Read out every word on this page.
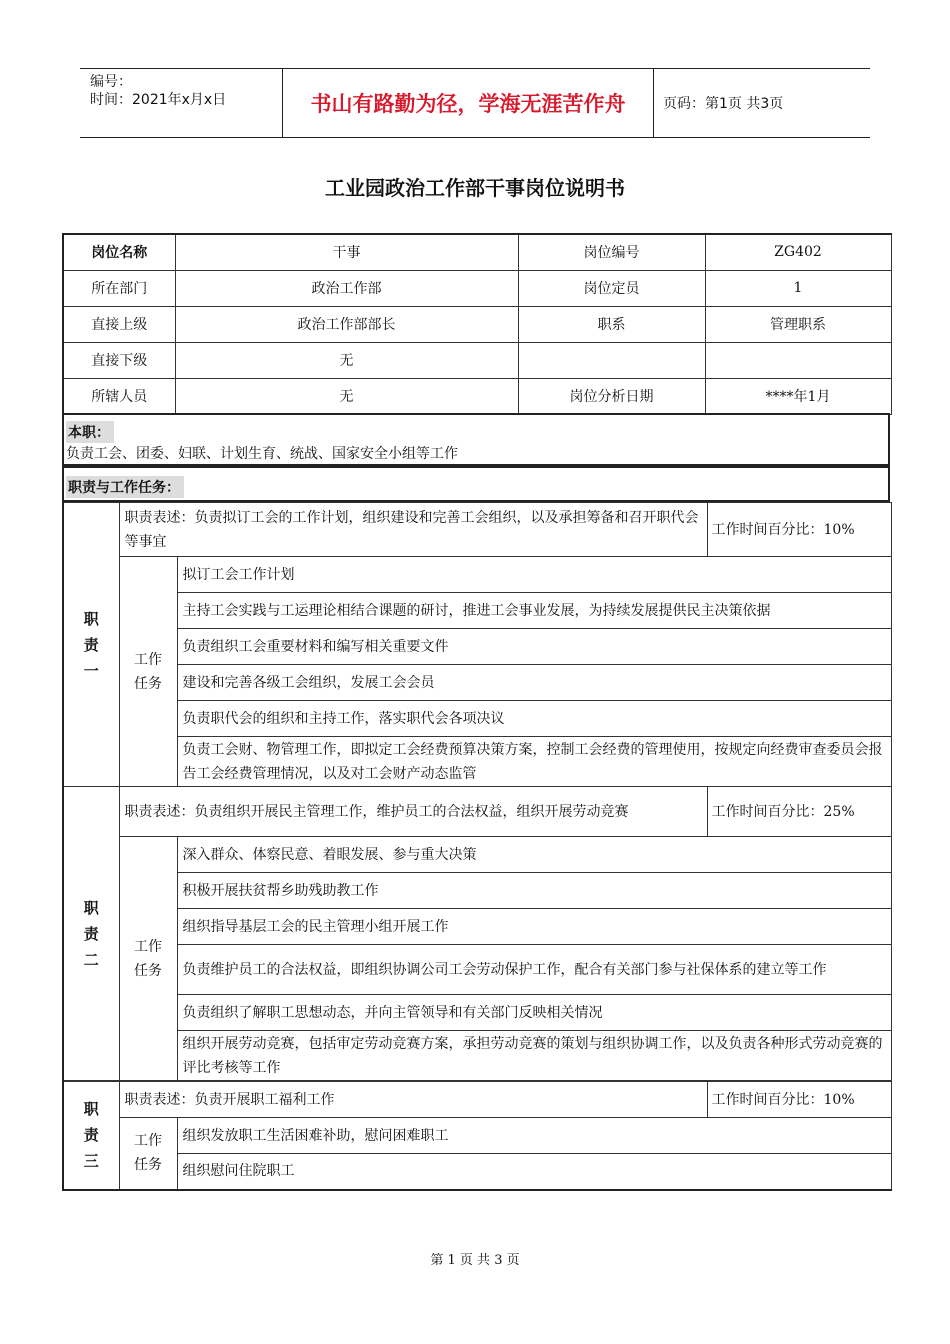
编号：
时间：2021年x月x日	书山有路勤为径，学海无涯苦作舟	页码：第1页 共3页
工业园政治工作部干事岗位说明书
岗位名称	干事	岗位编号	ZG402
所在部门	政治工作部	岗位定员	1
直接上级	政治工作部部长	职系	管理职系
直接下级	无		
所辖人员	无	岗位分析日期	****年1月
本职：
负责工会、团委、妇联、计划生育、统战、国家安全小组等工作
职责与工作任务：
职责一	职责表述：负责拟订工会的工作计划，组织建设和完善工会组织，以及承担筹备和召开职代会等事宜		工作时间百分比：10%
	工作任务	拟订工会工作计划	
		主持工会实践与工运理论相结合课题的研讨，推进工会事业发展，为持续发展提供民主决策依据	
		负责组织工会重要材料和编写相关重要文件	
		建设和完善各级工会组织，发展工会会员	
		负责职代会的组织和主持工作，落实职代会各项决议	
		负责工会财、物管理工作，即拟定工会经费预算决策方案，控制工会经费的管理使用，按规定向经费审查委员会报告工会经费管理情况，以及对工会财产动态监管	
职责二	职责表述：负责组织开展民主管理工作，维护员工的合法权益，组织开展劳动竞赛		工作时间百分比：25%
	工作任务	深入群众、体察民意、着眼发展、参与重大决策	
		积极开展扶贫帮乡助残助教工作	
		组织指导基层工会的民主管理小组开展工作	
		负责维护员工的合法权益，即组织协调公司工会劳动保护工作，配合有关部门参与社保体系的建立等工作	
		负责组织了解职工思想动态，并向主管领导和有关部门反映相关情况	
		组织开展劳动竞赛，包括审定劳动竞赛方案，承担劳动竞赛的策划与组织协调工作，以及负责各种形式劳动竞赛的评比考核等工作	
职责三	职责表述：负责开展职工福利工作		工作时间百分比：10%
	工作任务	组织发放职工生活困难补助，慰问困难职工	
		组织慰问住院职工	
第 1 页 共 3 页
